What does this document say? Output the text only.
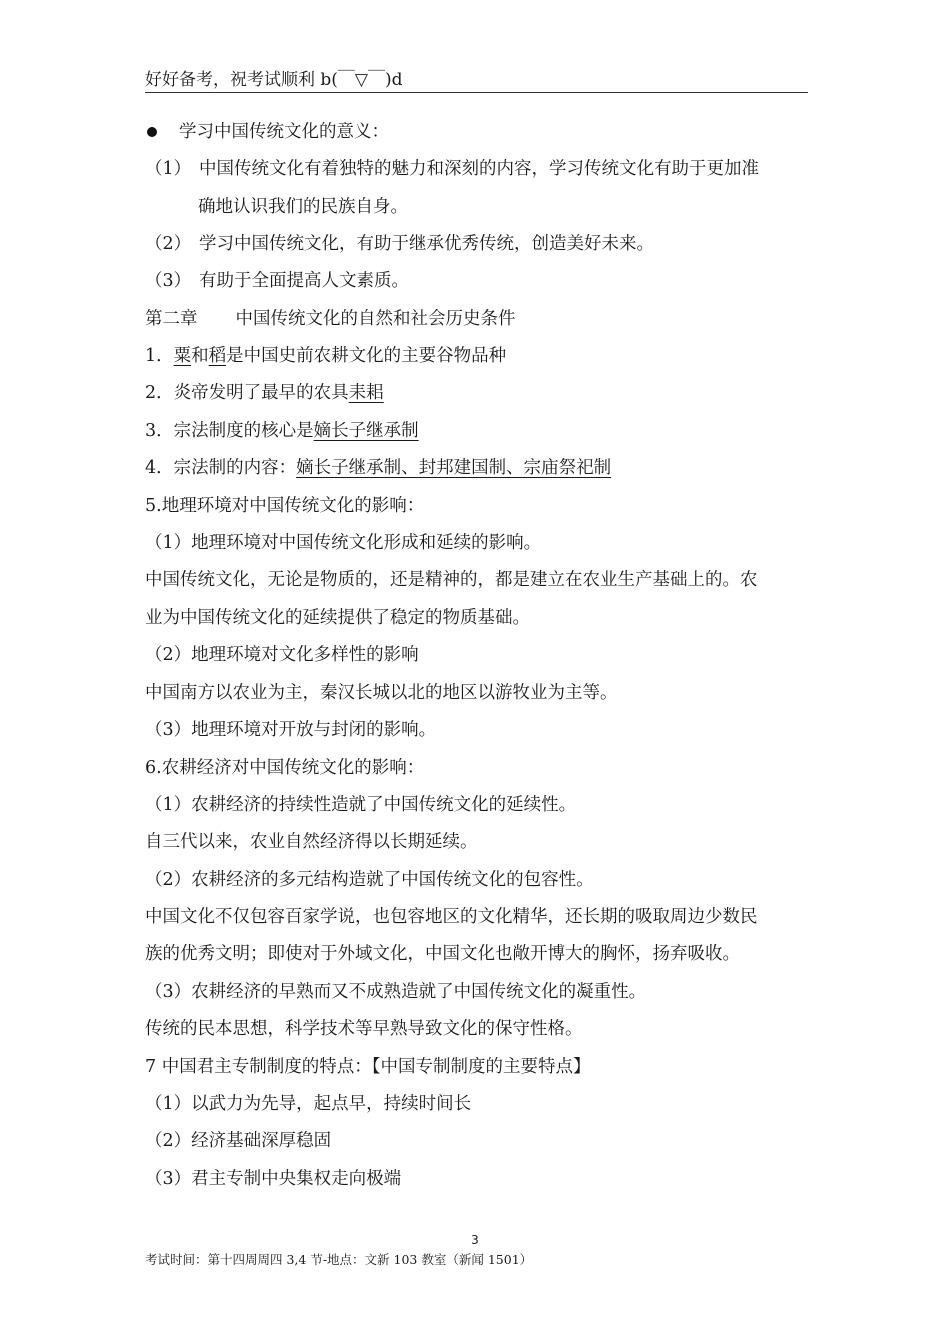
好好备考，祝考试顺利 b(￣▽￣)d
学习中国传统文化的意义：
（1） 中国传统文化有着独特的魅力和深刻的内容，学习传统文化有助于更加准
确地认识我们的民族自身。
（2） 学习中国传统文化，有助于继承优秀传统，创造美好未来。
（3） 有助于全面提高人文素质。
第二章 中国传统文化的自然和社会历史条件
1．粟和稻是中国史前农耕文化的主要谷物品种
2．炎帝发明了最早的农具耒耜
3．宗法制度的核心是嫡长子继承制
4．宗法制的内容：嫡长子继承制、封邦建国制、宗庙祭祀制
5.地理环境对中国传统文化的影响：
（1）地理环境对中国传统文化形成和延续的影响。
中国传统文化，无论是物质的，还是精神的，都是建立在农业生产基础上的。农
业为中国传统文化的延续提供了稳定的物质基础。
（2）地理环境对文化多样性的影响
中国南方以农业为主，秦汉长城以北的地区以游牧业为主等。
（3）地理环境对开放与封闭的影响。
6.农耕经济对中国传统文化的影响：
（1）农耕经济的持续性造就了中国传统文化的延续性。
自三代以来，农业自然经济得以长期延续。
（2）农耕经济的多元结构造就了中国传统文化的包容性。
中国文化不仅包容百家学说，也包容地区的文化精华，还长期的吸取周边少数民
族的优秀文明；即使对于外域文化，中国文化也敞开博大的胸怀，扬弃吸收。
（3）农耕经济的早熟而又不成熟造就了中国传统文化的凝重性。
传统的民本思想，科学技术等早熟导致文化的保守性格。
7 中国君主专制制度的特点：【中国专制制度的主要特点】
（1）以武力为先导，起点早，持续时间长
（2）经济基础深厚稳固
（3）君主专制中央集权走向极端
3
考试时间：第十四周周四 3,4 节-地点：文新 103 教室（新闻 1501）
